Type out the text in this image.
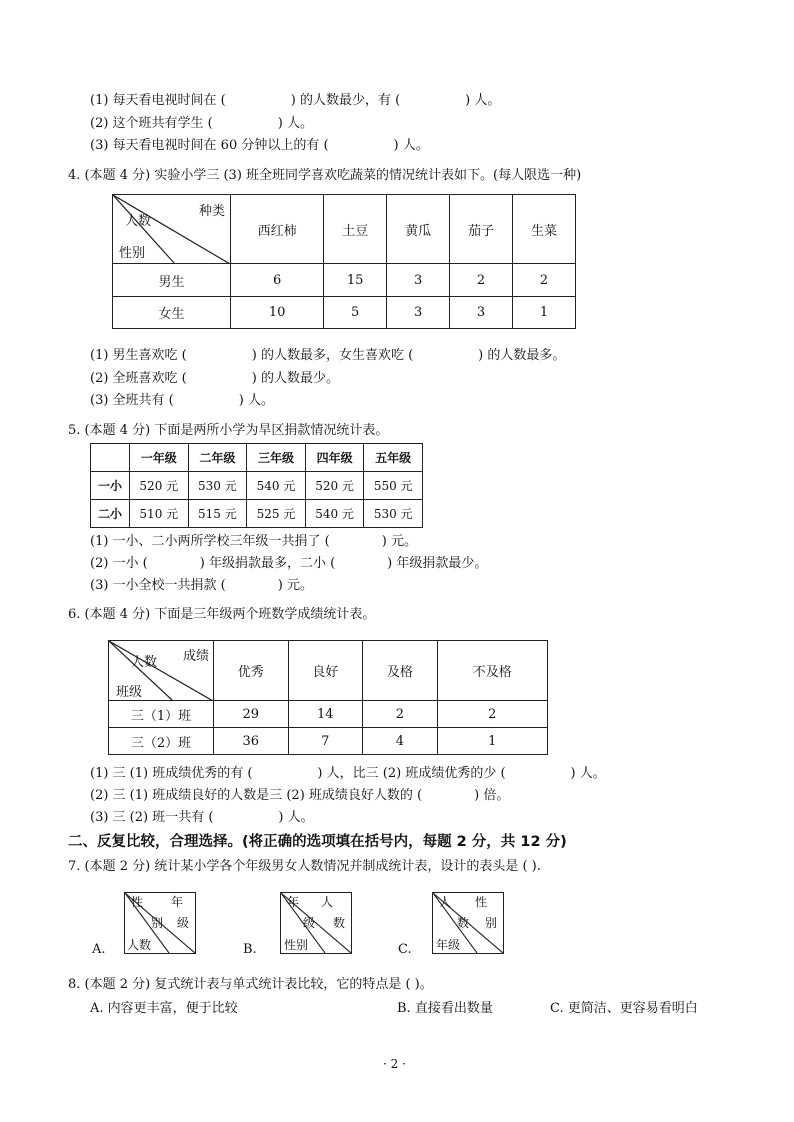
(1) 每天看电视时间在 (　　　　　) 的人数最少，有 (　　　　　) 人。
(2) 这个班共有学生 (　　　　　) 人。
(3) 每天看电视时间在 60 分钟以上的有 (　　　　　) 人。
4. (本题 4 分) 实验小学三 (3) 班全班同学喜欢吃蔬菜的情况统计表如下。(每人限选一种)
种类
人数
性别	西红柿	土豆	黄瓜	茄子	生菜
男生	6	15	3	2	2
女生	10	5	3	3	1
(1) 男生喜欢吃 (　　　　　) 的人数最多，女生喜欢吃 (　　　　　) 的人数最多。
(2) 全班喜欢吃 (　　　　　) 的人数最少。
(3) 全班共有 (　　　　　) 人。
5. (本题 4 分) 下面是两所小学为旱区捐款情况统计表。
	一年级	二年级	三年级	四年级	五年级
一小	520 元	530 元	540 元	520 元	550 元
二小	510 元	515 元	525 元	540 元	530 元
(1) 一小、二小两所学校三年级一共捐了 (　　　　) 元。
(2) 一小 (　　　　) 年级捐款最多，二小 (　　　　) 年级捐款最少。
(3) 一小全校一共捐款 (　　　　) 元。
6. (本题 4 分) 下面是三年级两个班数学成绩统计表。
成绩
人数
班级	优秀	良好	及格	不及格
三（1）班	29	14	2	2
三（2）班	36	7	4	1
(1) 三 (1) 班成绩优秀的有 (　　　　　) 人，比三 (2) 班成绩优秀的少 (　　　　　) 人。
(2) 三 (1) 班成绩良好的人数是三 (2) 班成绩良好人数的 (　　　　) 倍。
(3) 三 (2) 班一共有 (　　　　　) 人。
二、反复比较，合理选择。(将正确的选项填在括号内，每题 2 分，共 12 分)
7. (本题 2 分) 统计某小学各个年级男女人数情况并制成统计表，设计的表头是 ( ).
A.
性 年
别 级
人数	B.
年 人
级 数
性别	C.
人 性
数 别
年级
8. (本题 2 分) 复式统计表与单式统计表比较，它的特点是 ( )。
A. 内容更丰富，便于比较	B. 直接看出数量	C. 更简洁、更容易看明白
· 2 ·
